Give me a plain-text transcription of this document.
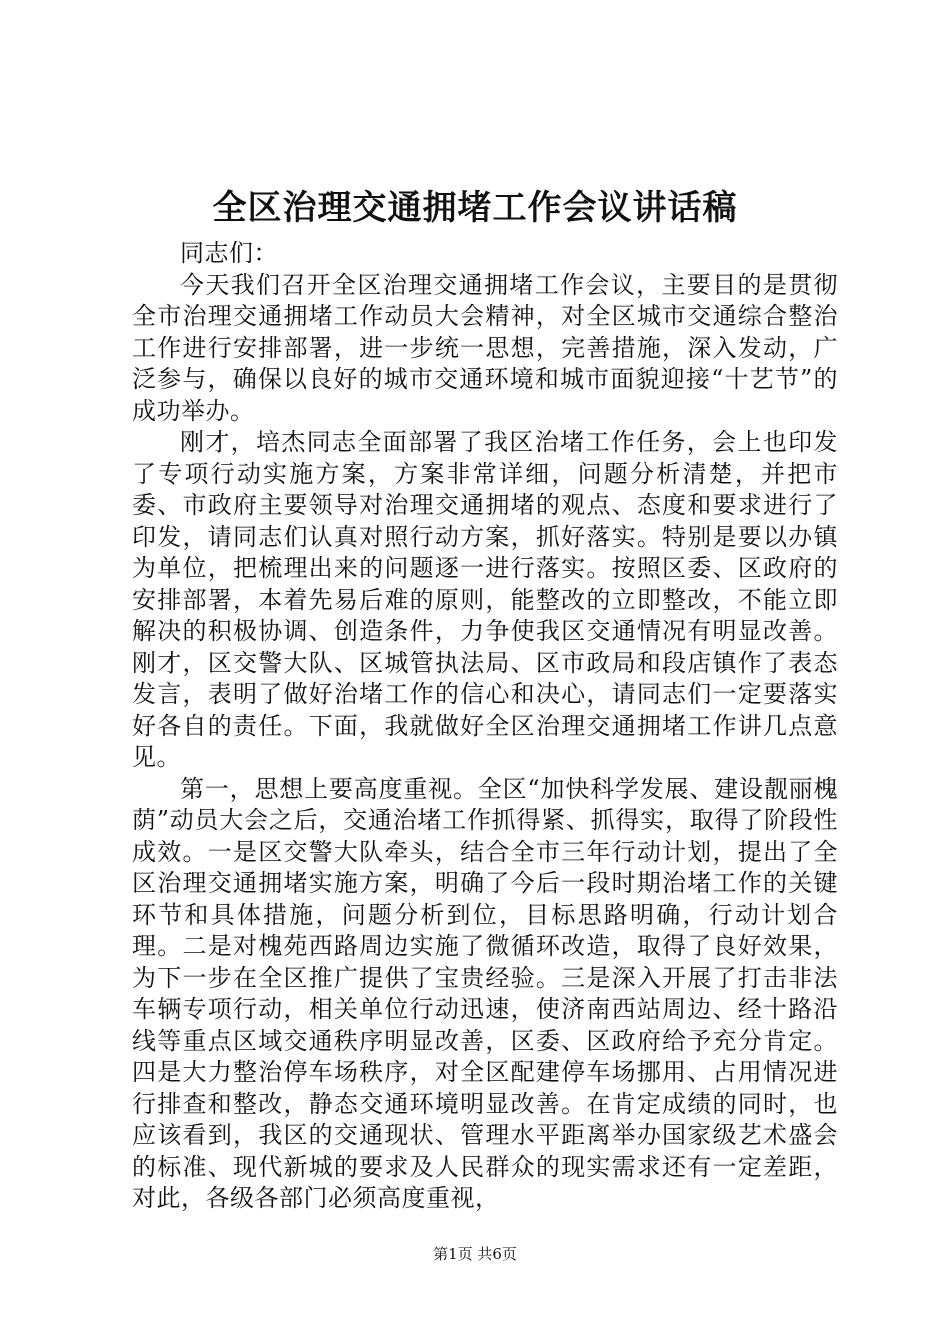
全区治理交通拥堵工作会议讲话稿

同志们：

今天我们召开全区治理交通拥堵工作会议，主要目的是贯彻全市治理交通拥堵工作动员大会精神，对全区城市交通综合整治工作进行安排部署，进一步统一思想，完善措施，深入发动，广泛参与，确保以良好的城市交通环境和城市面貌迎接“十艺节”的成功举办。

刚才，培杰同志全面部署了我区治堵工作任务，会上也印发了专项行动实施方案，方案非常详细，问题分析清楚，并把市委、市政府主要领导对治理交通拥堵的观点、态度和要求进行了印发，请同志们认真对照行动方案，抓好落实。特别是要以办镇为单位，把梳理出来的问题逐一进行落实。按照区委、区政府的安排部署，本着先易后难的原则，能整改的立即整改，不能立即解决的积极协调、创造条件，力争使我区交通情况有明显改善。刚才，区交警大队、区城管执法局、区市政局和段店镇作了表态发言，表明了做好治堵工作的信心和决心，请同志们一定要落实好各自的责任。下面，我就做好全区治理交通拥堵工作讲几点意见。

第一，思想上要高度重视。全区“加快科学发展、建设靓丽槐荫”动员大会之后，交通治堵工作抓得紧、抓得实，取得了阶段性成效。一是区交警大队牵头，结合全市三年行动计划，提出了全区治理交通拥堵实施方案，明确了今后一段时期治堵工作的关键环节和具体措施，问题分析到位，目标思路明确，行动计划合理。二是对槐苑西路周边实施了微循环改造，取得了良好效果，为下一步在全区推广提供了宝贵经验。三是深入开展了打击非法车辆专项行动，相关单位行动迅速，使济南西站周边、经十路沿线等重点区域交通秩序明显改善，区委、区政府给予充分肯定。四是大力整治停车场秩序，对全区配建停车场挪用、占用情况进行排查和整改，静态交通环境明显改善。在肯定成绩的同时，也应该看到，我区的交通现状、管理水平距离举办国家级艺术盛会的标准、现代新城的要求及人民群众的现实需求还有一定差距，对此，各级各部门必须高度重视，

第1页 共6页
